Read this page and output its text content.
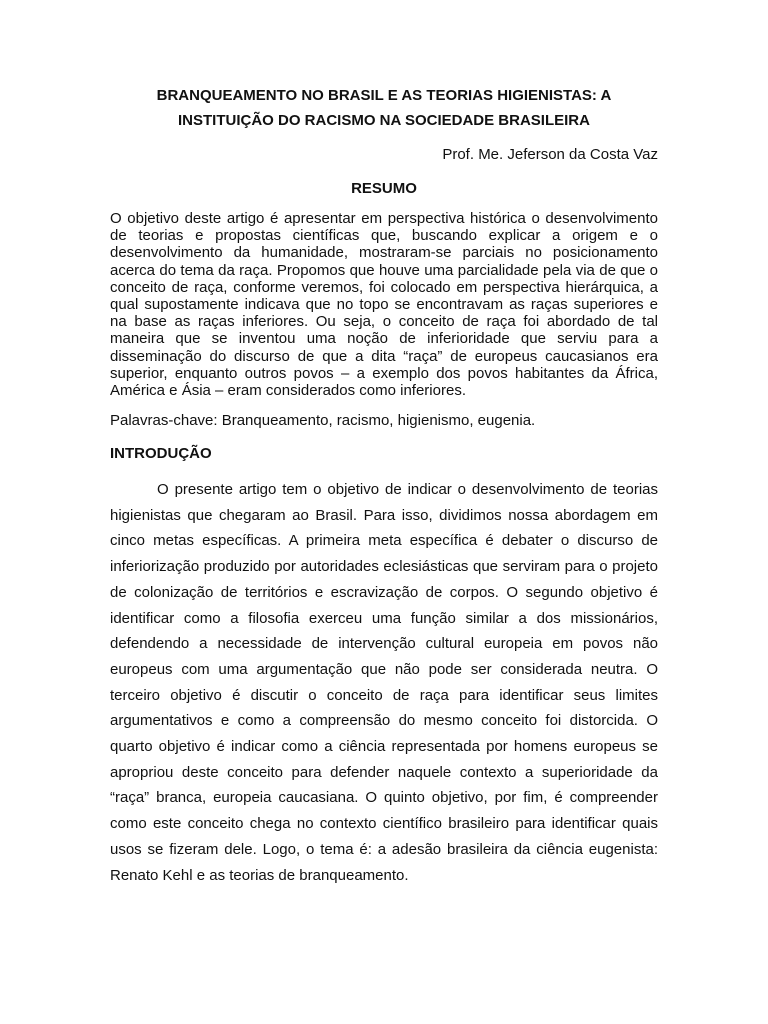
BRANQUEAMENTO NO BRASIL E AS TEORIAS HIGIENISTAS: A INSTITUIÇÃO DO RACISMO NA SOCIEDADE BRASILEIRA

Prof. Me. Jeferson da Costa Vaz

RESUMO

O objetivo deste artigo é apresentar em perspectiva histórica o desenvolvimento de teorias e propostas científicas que, buscando explicar a origem e o desenvolvimento da humanidade, mostraram-se parciais no posicionamento acerca do tema da raça. Propomos que houve uma parcialidade pela via de que o conceito de raça, conforme veremos, foi colocado em perspectiva hierárquica, a qual supostamente indicava que no topo se encontravam as raças superiores e na base as raças inferiores. Ou seja, o conceito de raça foi abordado de tal maneira que se inventou uma noção de inferioridade que serviu para a disseminação do discurso de que a dita “raça” de europeus caucasianos era superior, enquanto outros povos – a exemplo dos povos habitantes da África, América e Ásia – eram considerados como inferiores.

Palavras-chave: Branqueamento, racismo, higienismo, eugenia.

INTRODUÇÃO

O presente artigo tem o objetivo de indicar o desenvolvimento de teorias higienistas que chegaram ao Brasil. Para isso, dividimos nossa abordagem em cinco metas específicas. A primeira meta específica é debater o discurso de inferiorização produzido por autoridades eclesiásticas que serviram para o projeto de colonização de territórios e escravização de corpos. O segundo objetivo é identificar como a filosofia exerceu uma função similar a dos missionários, defendendo a necessidade de intervenção cultural europeia em povos não europeus com uma argumentação que não pode ser considerada neutra. O terceiro objetivo é discutir o conceito de raça para identificar seus limites argumentativos e como a compreensão do mesmo conceito foi distorcida. O quarto objetivo é indicar como a ciência representada por homens europeus se apropriou deste conceito para defender naquele contexto a superioridade da “raça” branca, europeia caucasiana. O quinto objetivo, por fim, é compreender como este conceito chega no contexto científico brasileiro para identificar quais usos se fizeram dele. Logo, o tema é: a adesão brasileira da ciência eugenista: Renato Kehl e as teorias de branqueamento.
